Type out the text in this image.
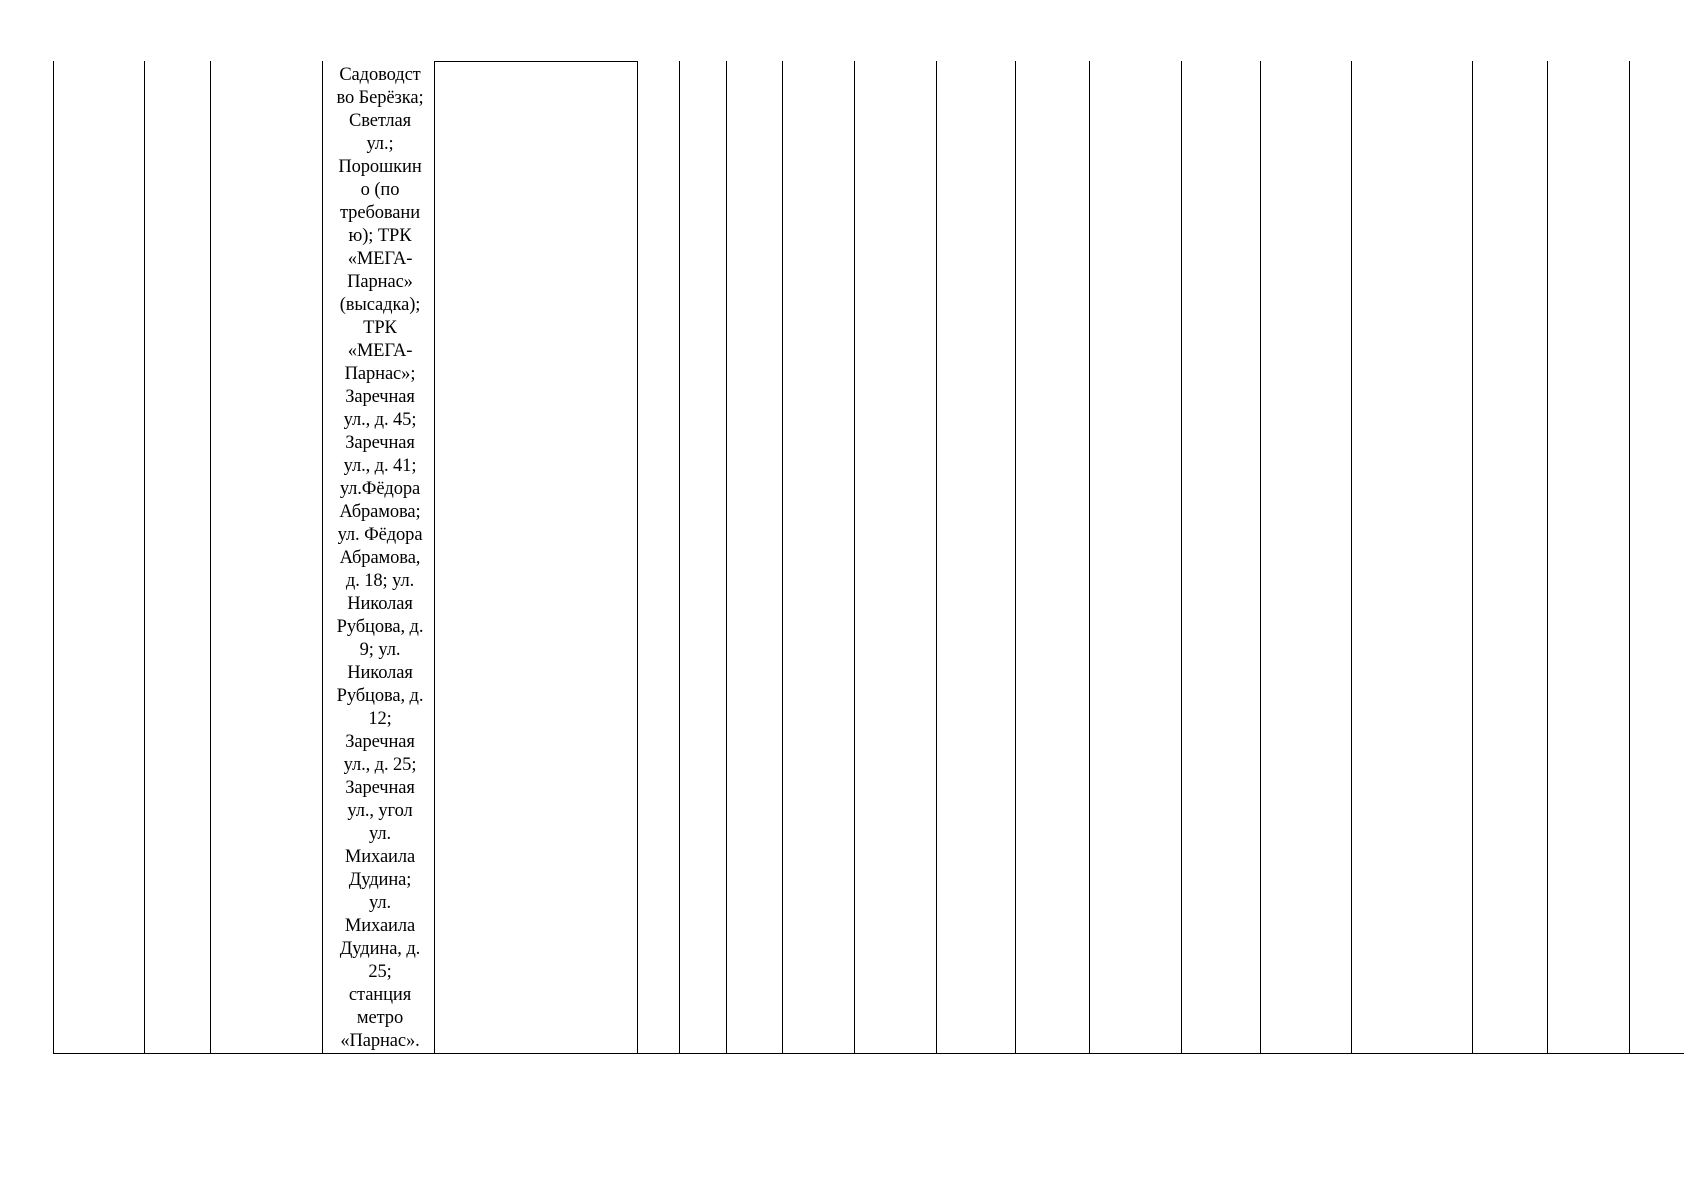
Садоводст
во Берёзка;
Светлая
ул.;
Порошкин
о (по
требовани
ю); ТРК
«МЕГА-
Парнас»
(высадка);
ТРК
«МЕГА-
Парнас»;
Заречная
ул., д. 45;
Заречная
ул., д. 41;
ул.Фёдора
Абрамова;
ул. Фёдора
Абрамова,
д. 18; ул.
Николая
Рубцова, д.
9; ул.
Николая
Рубцова, д.
12;
Заречная
ул., д. 25;
Заречная
ул., угол
ул.
Михаила
Дудина;
ул.
Михаила
Дудина, д.
25;
станция
метро
«Парнас».
